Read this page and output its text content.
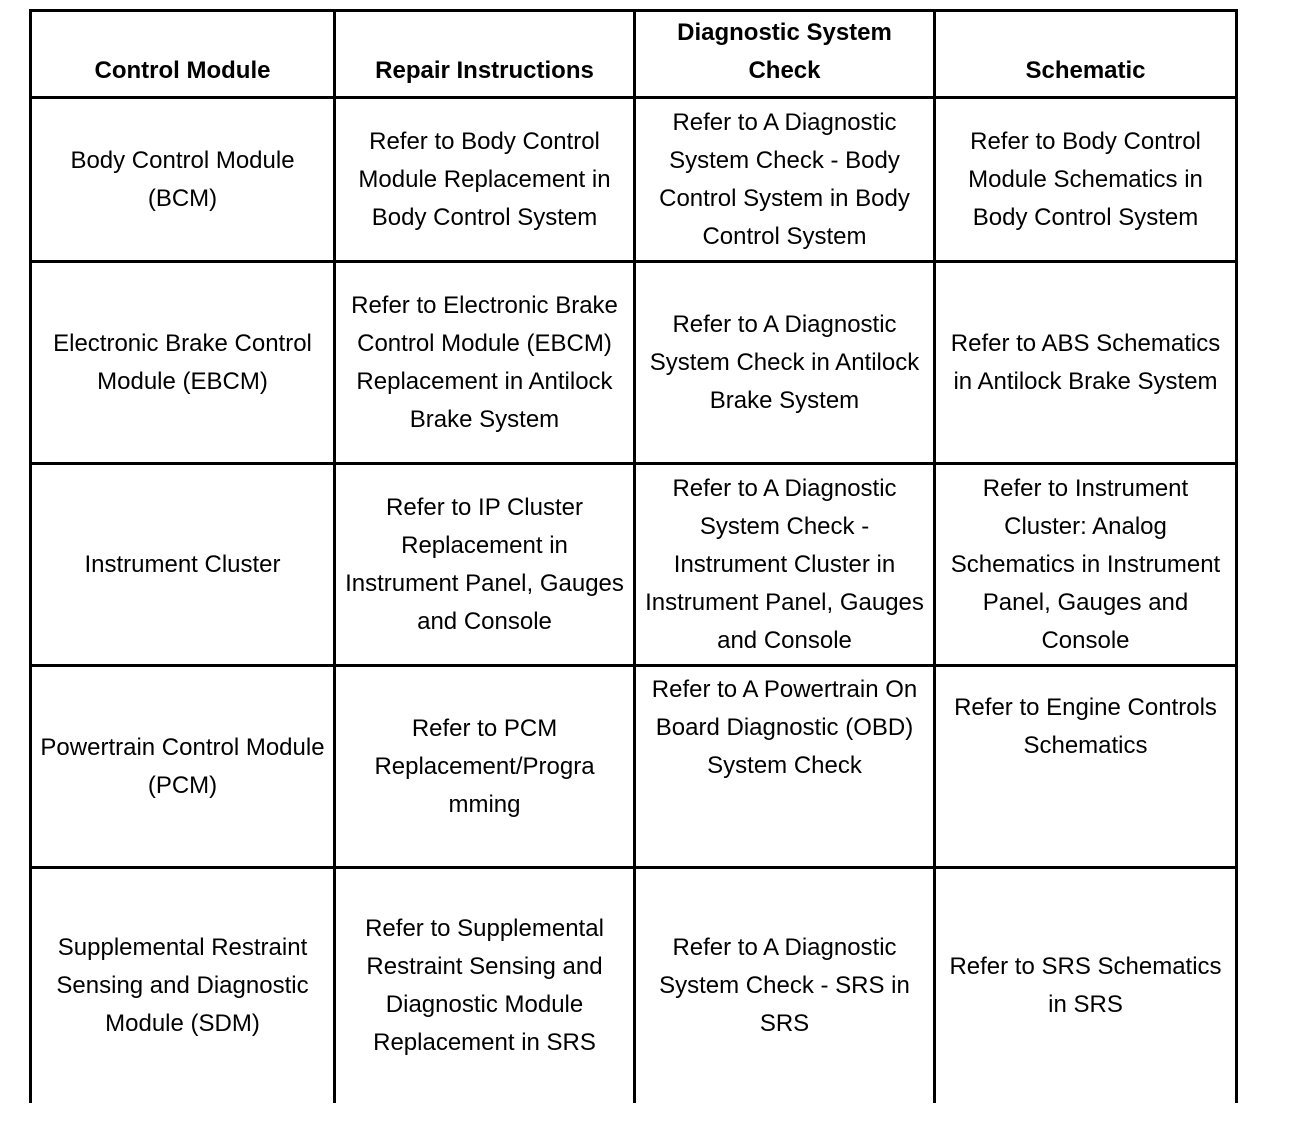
Control Module	Repair Instructions	Diagnostic System Check	Schematic
Body Control Module (BCM)	Refer to Body Control Module Replacement in Body Control System	Refer to A Diagnostic System Check - Body Control System in Body Control System	Refer to Body Control Module Schematics in Body Control System
Electronic Brake Control Module (EBCM)	Refer to Electronic Brake Control Module (EBCM) Replacement in Antilock Brake System	Refer to A Diagnostic System Check in Antilock Brake System	Refer to ABS Schematics in Antilock Brake System
Instrument Cluster	Refer to IP Cluster Replacement in Instrument Panel, Gauges and Console	Refer to A Diagnostic System Check - Instrument Cluster in Instrument Panel, Gauges and Console	Refer to Instrument Cluster: Analog Schematics in Instrument Panel, Gauges and Console
Powertrain Control Module (PCM)	Refer to PCM Replacement/Progra mming	Refer to A Powertrain On Board Diagnostic (OBD) System Check	Refer to Engine Controls Schematics
Supplemental Restraint Sensing and Diagnostic Module (SDM)	Refer to Supplemental Restraint Sensing and Diagnostic Module Replacement in SRS	Refer to A Diagnostic System Check - SRS in SRS	Refer to SRS Schematics in SRS
